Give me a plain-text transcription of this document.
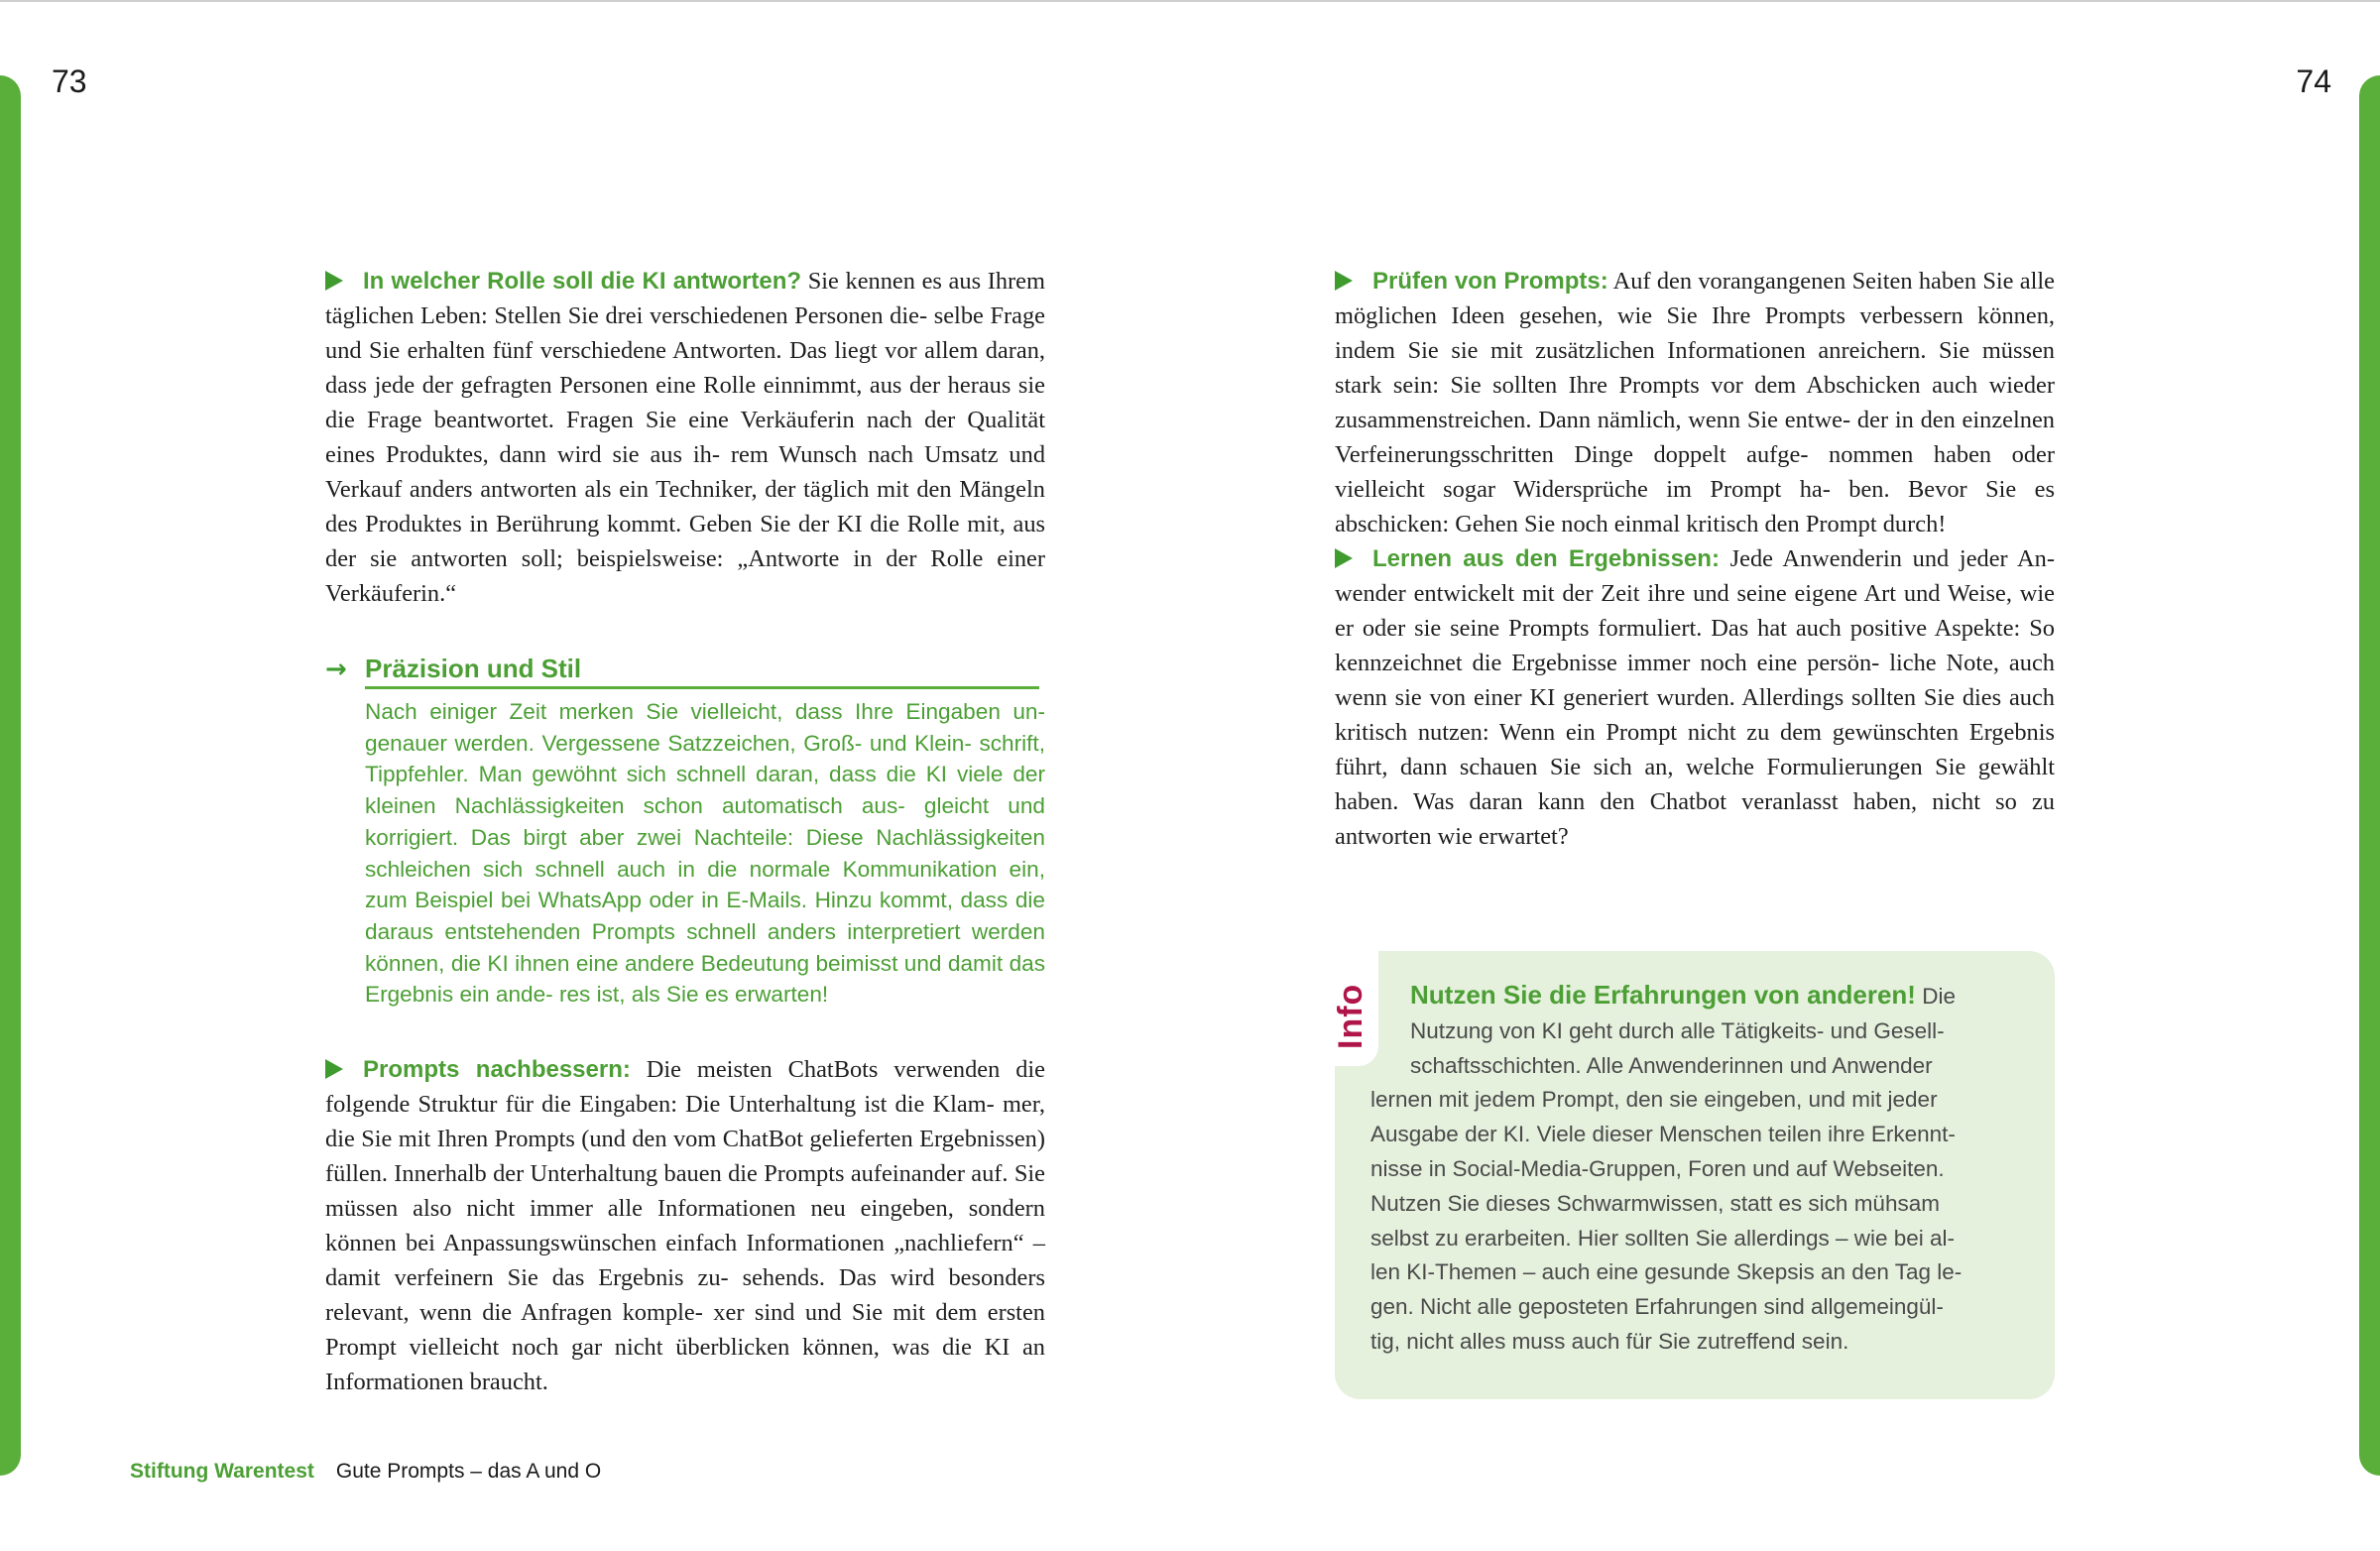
73	74

In welcher Rolle soll die KI antworten? Sie kennen es aus Ihrem täglichen Leben: Stellen Sie drei verschiedenen Personen die- selbe Frage und Sie erhalten fünf verschiedene Antworten. Das liegt vor allem daran, dass jede der gefragten Personen eine Rolle einnimmt, aus der heraus sie die Frage beantwortet. Fragen Sie eine Verkäuferin nach der Qualität eines Produktes, dann wird sie aus ih- rem Wunsch nach Umsatz und Verkauf anders antworten als ein Techniker, der täglich mit den Mängeln des Produktes in Berührung kommt. Geben Sie der KI die Rolle mit, aus der sie antworten soll; beispielsweise: „Antworte in der Rolle einer Verkäuferin.“

→ Präzision und Stil
Nach einiger Zeit merken Sie vielleicht, dass Ihre Eingaben un- genauer werden. Vergessene Satzzeichen, Groß- und Klein- schrift, Tippfehler. Man gewöhnt sich schnell daran, dass die KI viele der kleinen Nachlässigkeiten schon automatisch aus- gleicht und korrigiert. Das birgt aber zwei Nachteile: Diese Nachlässigkeiten schleichen sich schnell auch in die normale Kommunikation ein, zum Beispiel bei WhatsApp oder in E-Mails. Hinzu kommt, dass die daraus entstehenden Prompts schnell anders interpretiert werden können, die KI ihnen eine andere Bedeutung beimisst und damit das Ergebnis ein ande- res ist, als Sie es erwarten!

Prompts nachbessern: Die meisten ChatBots verwenden die folgende Struktur für die Eingaben: Die Unterhaltung ist die Klam- mer, die Sie mit Ihren Prompts (und den vom ChatBot gelieferten Ergebnissen) füllen. Innerhalb der Unterhaltung bauen die Prompts aufeinander auf. Sie müssen also nicht immer alle Informationen neu eingeben, sondern können bei Anpassungswünschen einfach Informationen „nachliefern“ – damit verfeinern Sie das Ergebnis zu- sehends. Das wird besonders relevant, wenn die Anfragen komple- xer sind und Sie mit dem ersten Prompt vielleicht noch gar nicht überblicken können, was die KI an Informationen braucht.

Prüfen von Prompts: Auf den vorangangenen Seiten haben Sie alle möglichen Ideen gesehen, wie Sie Ihre Prompts verbessern können, indem Sie sie mit zusätzlichen Informationen anreichern. Sie müssen stark sein: Sie sollten Ihre Prompts vor dem Abschicken auch wieder zusammenstreichen. Dann nämlich, wenn Sie entwe- der in den einzelnen Verfeinerungsschritten Dinge doppelt aufge- nommen haben oder vielleicht sogar Widersprüche im Prompt ha- ben. Bevor Sie es abschicken: Gehen Sie noch einmal kritisch den Prompt durch!

Lernen aus den Ergebnissen: Jede Anwenderin und jeder An- wender entwickelt mit der Zeit ihre und seine eigene Art und Weise, wie er oder sie seine Prompts formuliert. Das hat auch positive Aspekte: So kennzeichnet die Ergebnisse immer noch eine persön- liche Note, auch wenn sie von einer KI generiert wurden. Allerdings sollten Sie dies auch kritisch nutzen: Wenn ein Prompt nicht zu dem gewünschten Ergebnis führt, dann schauen Sie sich an, welche Formulierungen Sie gewählt haben. Was daran kann den Chatbot veranlasst haben, nicht so zu antworten wie erwartet?

Info	Nutzen Sie die Erfahrungen von anderen! Die
Nutzung von KI geht durch alle Tätigkeits- und Gesell-
schaftsschichten. Alle Anwenderinnen und Anwender
lernen mit jedem Prompt, den sie eingeben, und mit jeder
Ausgabe der KI. Viele dieser Menschen teilen ihre Erkennt-
nisse in Social-Media-Gruppen, Foren und auf Webseiten.
Nutzen Sie dieses Schwarmwissen, statt es sich mühsam
selbst zu erarbeiten. Hier sollten Sie allerdings – wie bei al-
len KI-Themen – auch eine gesunde Skepsis an den Tag le-
gen. Nicht alle geposteten Erfahrungen sind allgemeingül-
tig, nicht alles muss auch für Sie zutreffend sein.
Stiftung Warentest Gute Prompts – das A und O
